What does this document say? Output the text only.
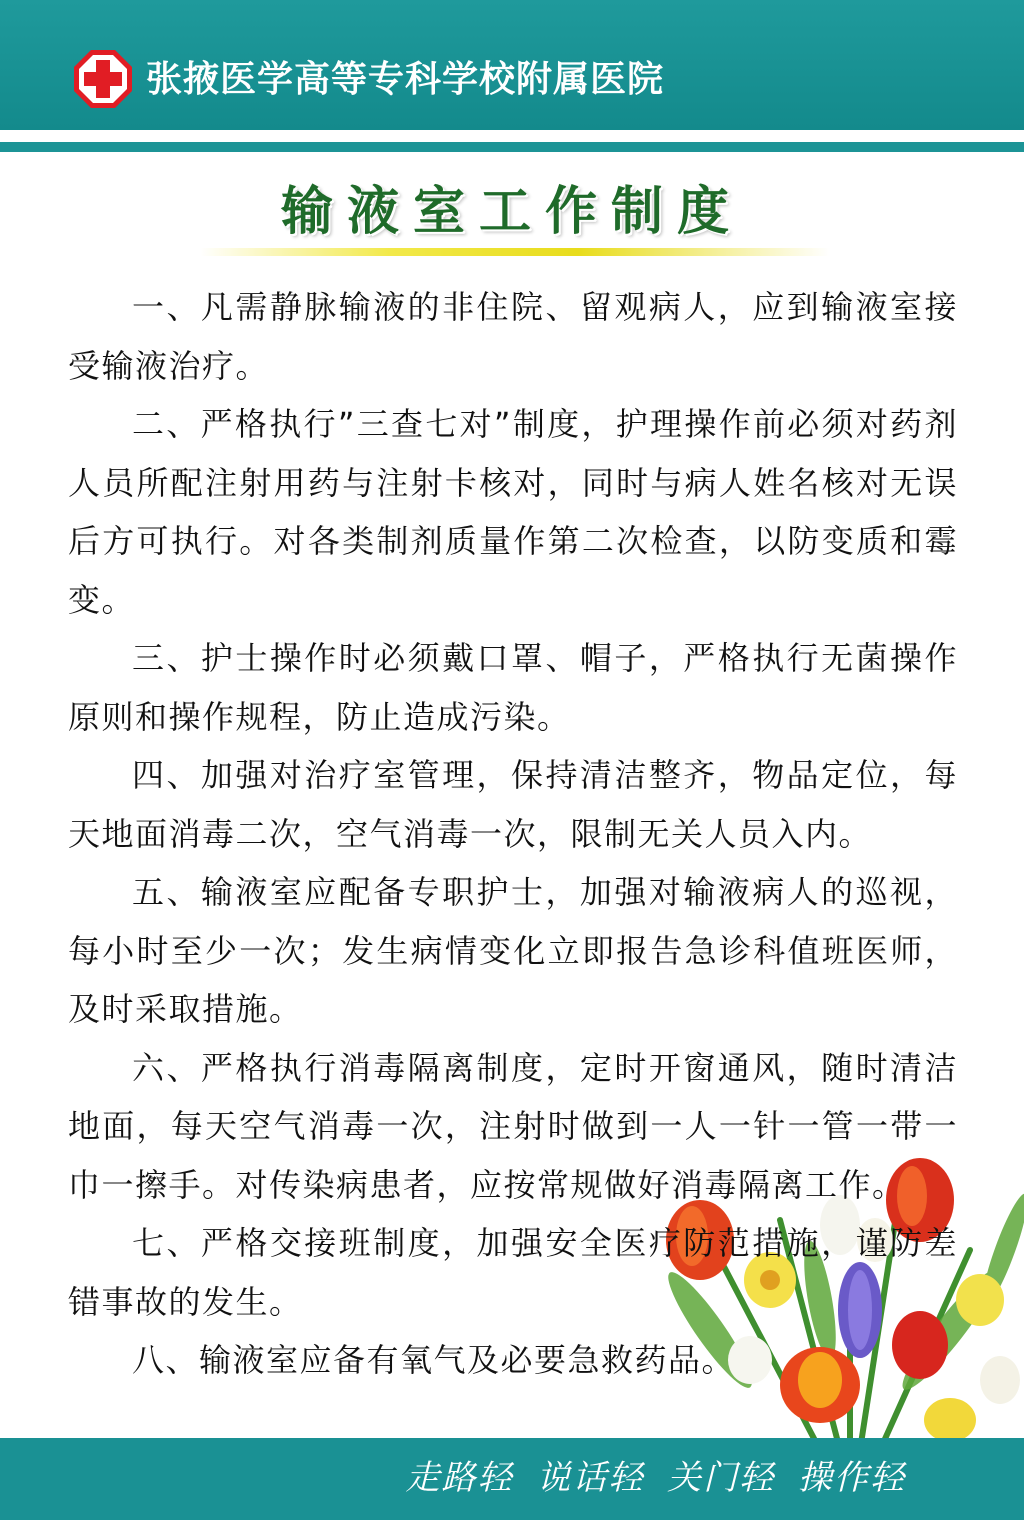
张掖医学高等专科学校附属医院
输液室工作制度

一、凡需静脉输液的非住院、留观病人，应到输液室接受输液治疗。

二、严格执行”三查七对”制度，护理操作前必须对药剂人员所配注射用药与注射卡核对，同时与病人姓名核对无误后方可执行。对各类制剂质量作第二次检查，以防变质和霉变。

三、护士操作时必须戴口罩、帽子，严格执行无菌操作原则和操作规程，防止造成污染。

四、加强对治疗室管理，保持清洁整齐，物品定位，每天地面消毒二次，空气消毒一次，限制无关人员入内。

五、输液室应配备专职护士，加强对输液病人的巡视，每小时至少一次；发生病情变化立即报告急诊科值班医师，及时采取措施。

六、严格执行消毒隔离制度，定时开窗通风，随时清洁地面，每天空气消毒一次，注射时做到一人一针一管一带一巾一擦手。对传染病患者，应按常规做好消毒隔离工作。

七、严格交接班制度，加强安全医疗防范措施，谨防差错事故的发生。

八、输液室应备有氧气及必要急救药品。

走路轻 说话轻 关门轻 操作轻
